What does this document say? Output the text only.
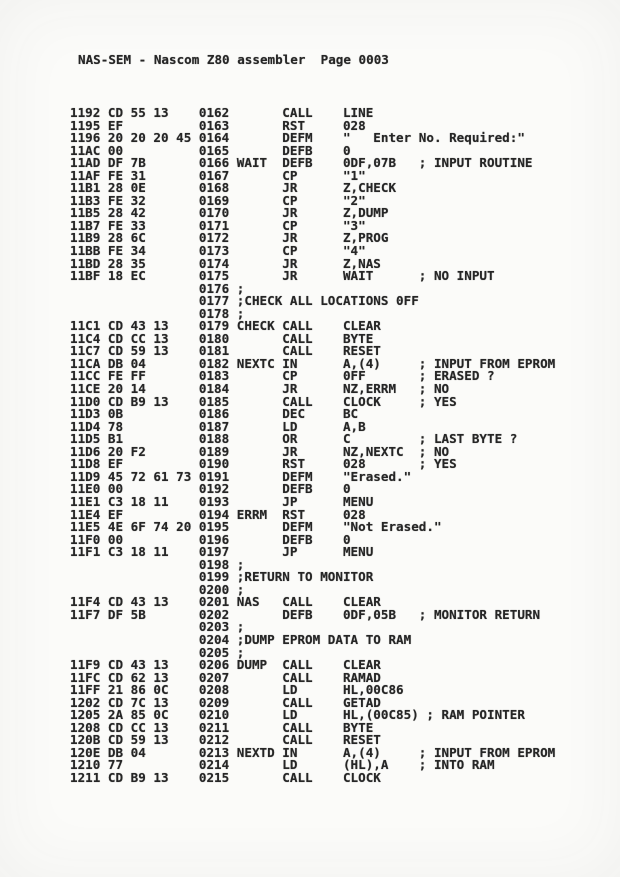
NAS-SEM - Nascom Z80 assembler  Page 0003
1192 CD 55 13    0162       CALL    LINE
1195 EF          0163       RST     028
1196 20 20 20 45 0164       DEFM    "   Enter No. Required:"
11AC 00          0165       DEFB    0
11AD DF 7B       0166 WAIT  DEFB    0DF,07B   ; INPUT ROUTINE
11AF FE 31       0167       CP      "1"
11B1 28 0E       0168       JR      Z,CHECK
11B3 FE 32       0169       CP      "2"
11B5 28 42       0170       JR      Z,DUMP
11B7 FE 33       0171       CP      "3"
11B9 28 6C       0172       JR      Z,PROG
11BB FE 34       0173       CP      "4"
11BD 28 35       0174       JR      Z,NAS
11BF 18 EC       0175       JR      WAIT      ; NO INPUT
0176 ;
0177 ;CHECK ALL LOCATIONS 0FF
0178 ;
11C1 CD 43 13    0179 CHECK CALL    CLEAR
11C4 CD CC 13    0180       CALL    BYTE
11C7 CD 59 13    0181       CALL    RESET
11CA DB 04       0182 NEXTC IN      A,(4)     ; INPUT FROM EPROM
11CC FE FF       0183       CP      0FF       ; ERASED ?
11CE 20 14       0184       JR      NZ,ERRM   ; NO
11D0 CD B9 13    0185       CALL    CLOCK     ; YES
11D3 0B          0186       DEC     BC
11D4 78          0187       LD      A,B
11D5 B1          0188       OR      C         ; LAST BYTE ?
11D6 20 F2       0189       JR      NZ,NEXTC  ; NO
11D8 EF          0190       RST     028       ; YES
11D9 45 72 61 73 0191       DEFM    "Erased."
11E0 00          0192       DEFB    0
11E1 C3 18 11    0193       JP      MENU
11E4 EF          0194 ERRM  RST     028
11E5 4E 6F 74 20 0195       DEFM    "Not Erased."
11F0 00          0196       DEFB    0
11F1 C3 18 11    0197       JP      MENU
0198 ;
0199 ;RETURN TO MONITOR
0200 ;
11F4 CD 43 13    0201 NAS   CALL    CLEAR
11F7 DF 5B       0202       DEFB    0DF,05B   ; MONITOR RETURN
0203 ;
0204 ;DUMP EPROM DATA TO RAM
0205 ;
11F9 CD 43 13    0206 DUMP  CALL    CLEAR
11FC CD 62 13    0207       CALL    RAMAD
11FF 21 86 0C    0208       LD      HL,00C86
1202 CD 7C 13    0209       CALL    GETAD
1205 2A 85 0C    0210       LD      HL,(00C85) ; RAM POINTER
1208 CD CC 13    0211       CALL    BYTE
120B CD 59 13    0212       CALL    RESET
120E DB 04       0213 NEXTD IN      A,(4)     ; INPUT FROM EPROM
1210 77          0214       LD      (HL),A    ; INTO RAM
1211 CD B9 13    0215       CALL    CLOCK
